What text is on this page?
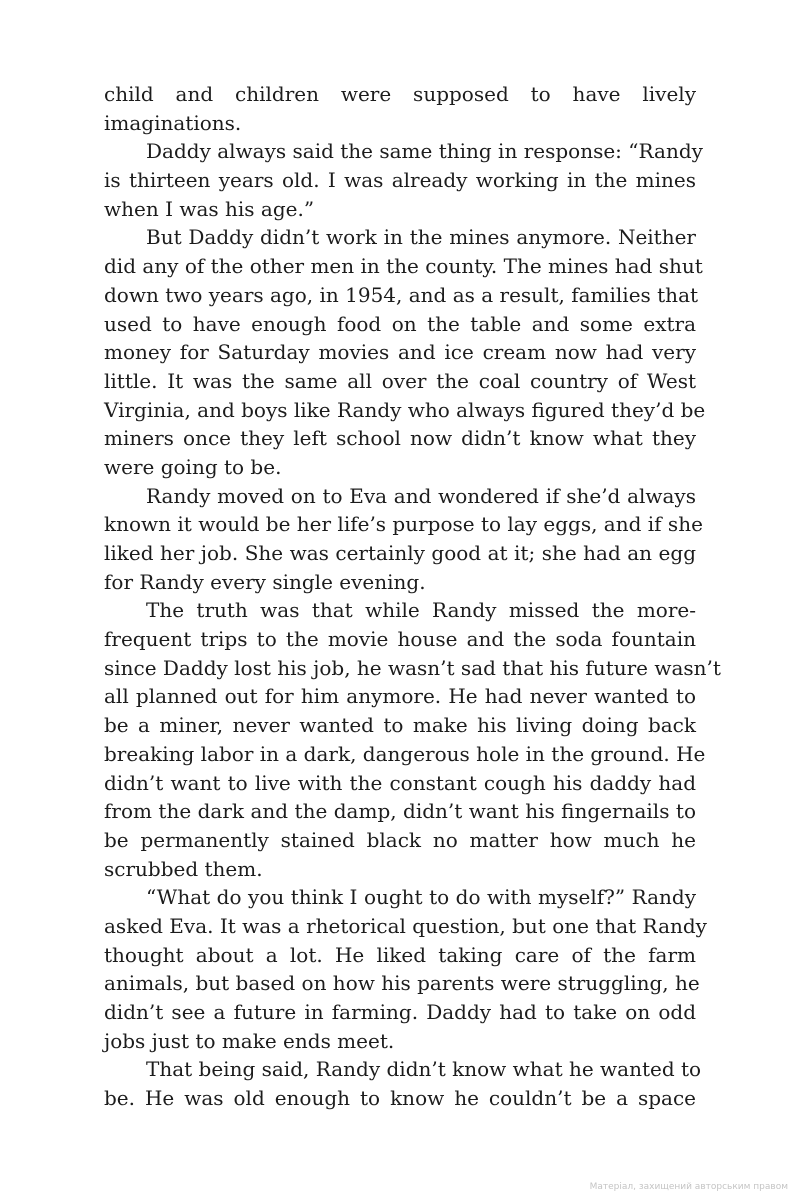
child and children were supposed to have lively
imaginations.
Daddy always said the same thing in response: “Randy
is thirteen years old. I was already working in the mines
when I was his age.”
But Daddy didn’t work in the mines anymore. Neither
did any of the other men in the county. The mines had shut
down two years ago, in 1954, and as a result, families that
used to have enough food on the table and some extra
money for Saturday movies and ice cream now had very
little. It was the same all over the coal country of West
Virginia, and boys like Randy who always figured they’d be
miners once they left school now didn’t know what they
were going to be.
Randy moved on to Eva and wondered if she’d always
known it would be her life’s purpose to lay eggs, and if she
liked her job. She was certainly good at it; she had an egg
for Randy every single evening.
The truth was that while Randy missed the more-
frequent trips to the movie house and the soda fountain
since Daddy lost his job, he wasn’t sad that his future wasn’t
all planned out for him anymore. He had never wanted to
be a miner, never wanted to make his living doing back
breaking labor in a dark, dangerous hole in the ground. He
didn’t want to live with the constant cough his daddy had
from the dark and the damp, didn’t want his fingernails to
be permanently stained black no matter how much he
scrubbed them.
“What do you think I ought to do with myself?” Randy
asked Eva. It was a rhetorical question, but one that Randy
thought about a lot. He liked taking care of the farm
animals, but based on how his parents were struggling, he
didn’t see a future in farming. Daddy had to take on odd
jobs just to make ends meet.
That being said, Randy didn’t know what he wanted to
be. He was old enough to know he couldn’t be a space
Матеріал, захищений авторським правом
